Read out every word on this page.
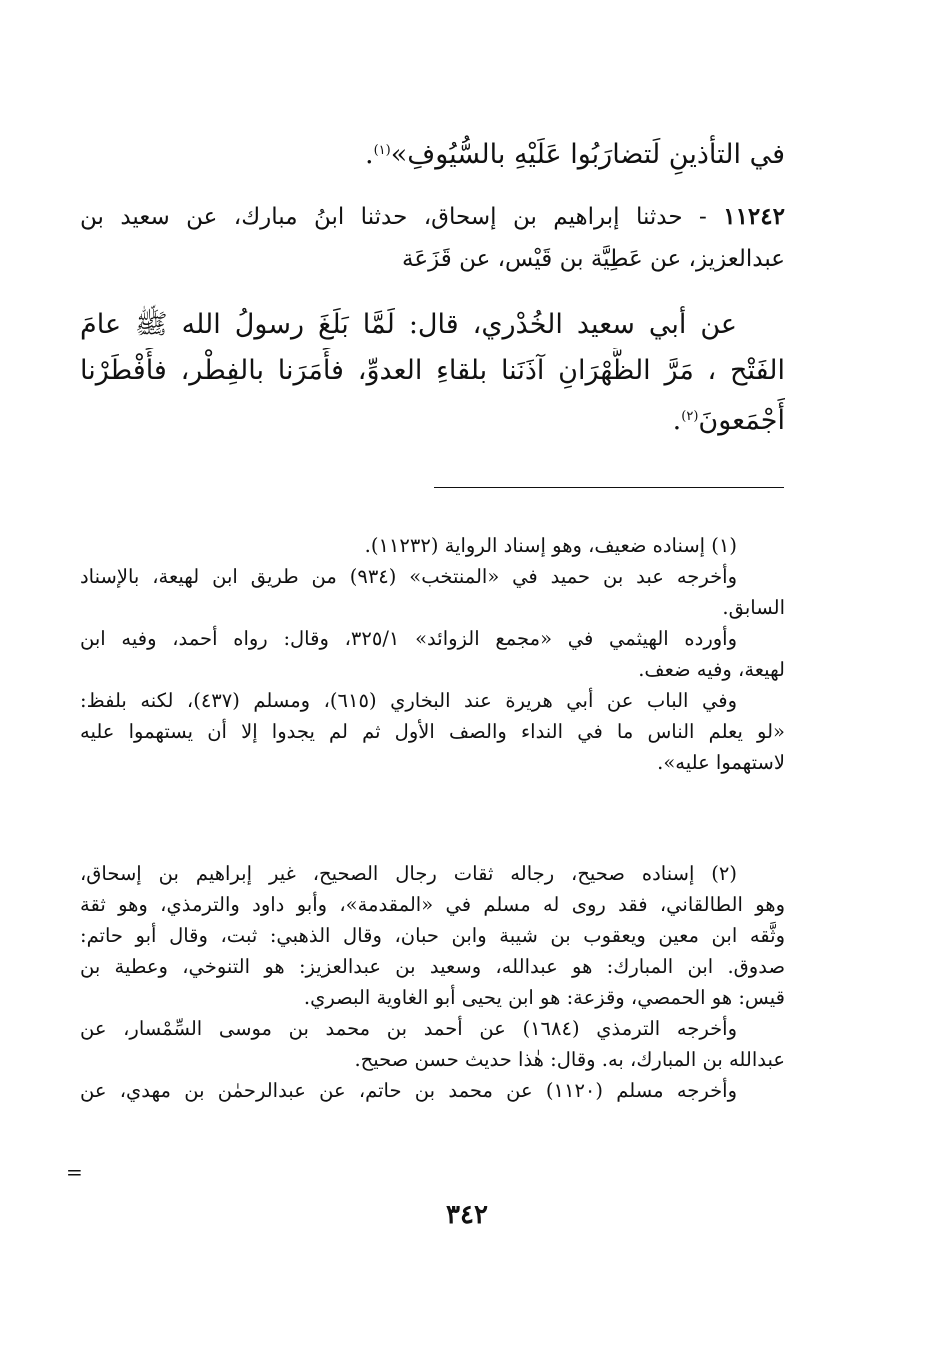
في التأذينِ لَتضارَبُوا عَلَيْهِ بالسُّيُوفِ»$^{(١)}$.
١١٢٤٢ - حدثنا إبراهيم بن إسحاق، حدثنا ابنُ مبارك، عن سعيد بن
عبدالعزيز، عن عَطِيَّة بن قَيْس، عن قَزَعَة
عن أبي سعيد الخُدْري، قال: لَمَّا بَلَغَ رسولُ الله ﷺ عامَ
الفَتْح ، مَرَّ الظَّهْرَانِ آذَنَنا بلقاءِ العدوِّ، فأَمَرَنا بالفِطْر، فأَفْطَرْنا
أَجْمَعونَ$^{(٢)}$.
(١) إسناده ضعيف، وهو إسناد الرواية (١١٢٣٢).
وأخرجه عبد بن حميد في «المنتخب» (٩٣٤) من طريق ابن لهيعة، بالإسناد
السابق.
وأورده الهيثمي في «مجمع الزوائد» ٣٢٥/١، وقال: رواه أحمد، وفيه ابن
لهيعة، وفيه ضعف.
وفي الباب عن أبي هريرة عند البخاري (٦١٥)، ومسلم (٤٣٧)، لكنه بلفظ:
«لو يعلم الناس ما في النداء والصف الأول ثم لم يجدوا إلا أن يستهموا عليه
لاستهموا عليه».
(٢) إسناده صحيح، رجاله ثقات رجال الصحيح، غير إبراهيم بن إسحاق،
وهو الطالقاني، فقد روى له مسلم في «المقدمة»، وأبو داود والترمذي، وهو ثقة
وثَّقه ابن معين ويعقوب بن شيبة وابن حبان، وقال الذهبي: ثبت، وقال أبو حاتم:
صدوق. ابن المبارك: هو عبدالله، وسعيد بن عبدالعزيز: هو التنوخي، وعطية بن
قيس: هو الحمصي، وقزعة: هو ابن يحيى أبو الغاوية البصري.
وأخرجه الترمذي (١٦٨٤) عن أحمد بن محمد بن موسى السِّمْسار، عن
عبدالله بن المبارك، به. وقال: هٰذا حديث حسن صحيح.
وأخرجه مسلم (١١٢٠) عن محمد بن حاتم، عن عبدالرحمٰن بن مهدي، عن
=
٣٤٢
